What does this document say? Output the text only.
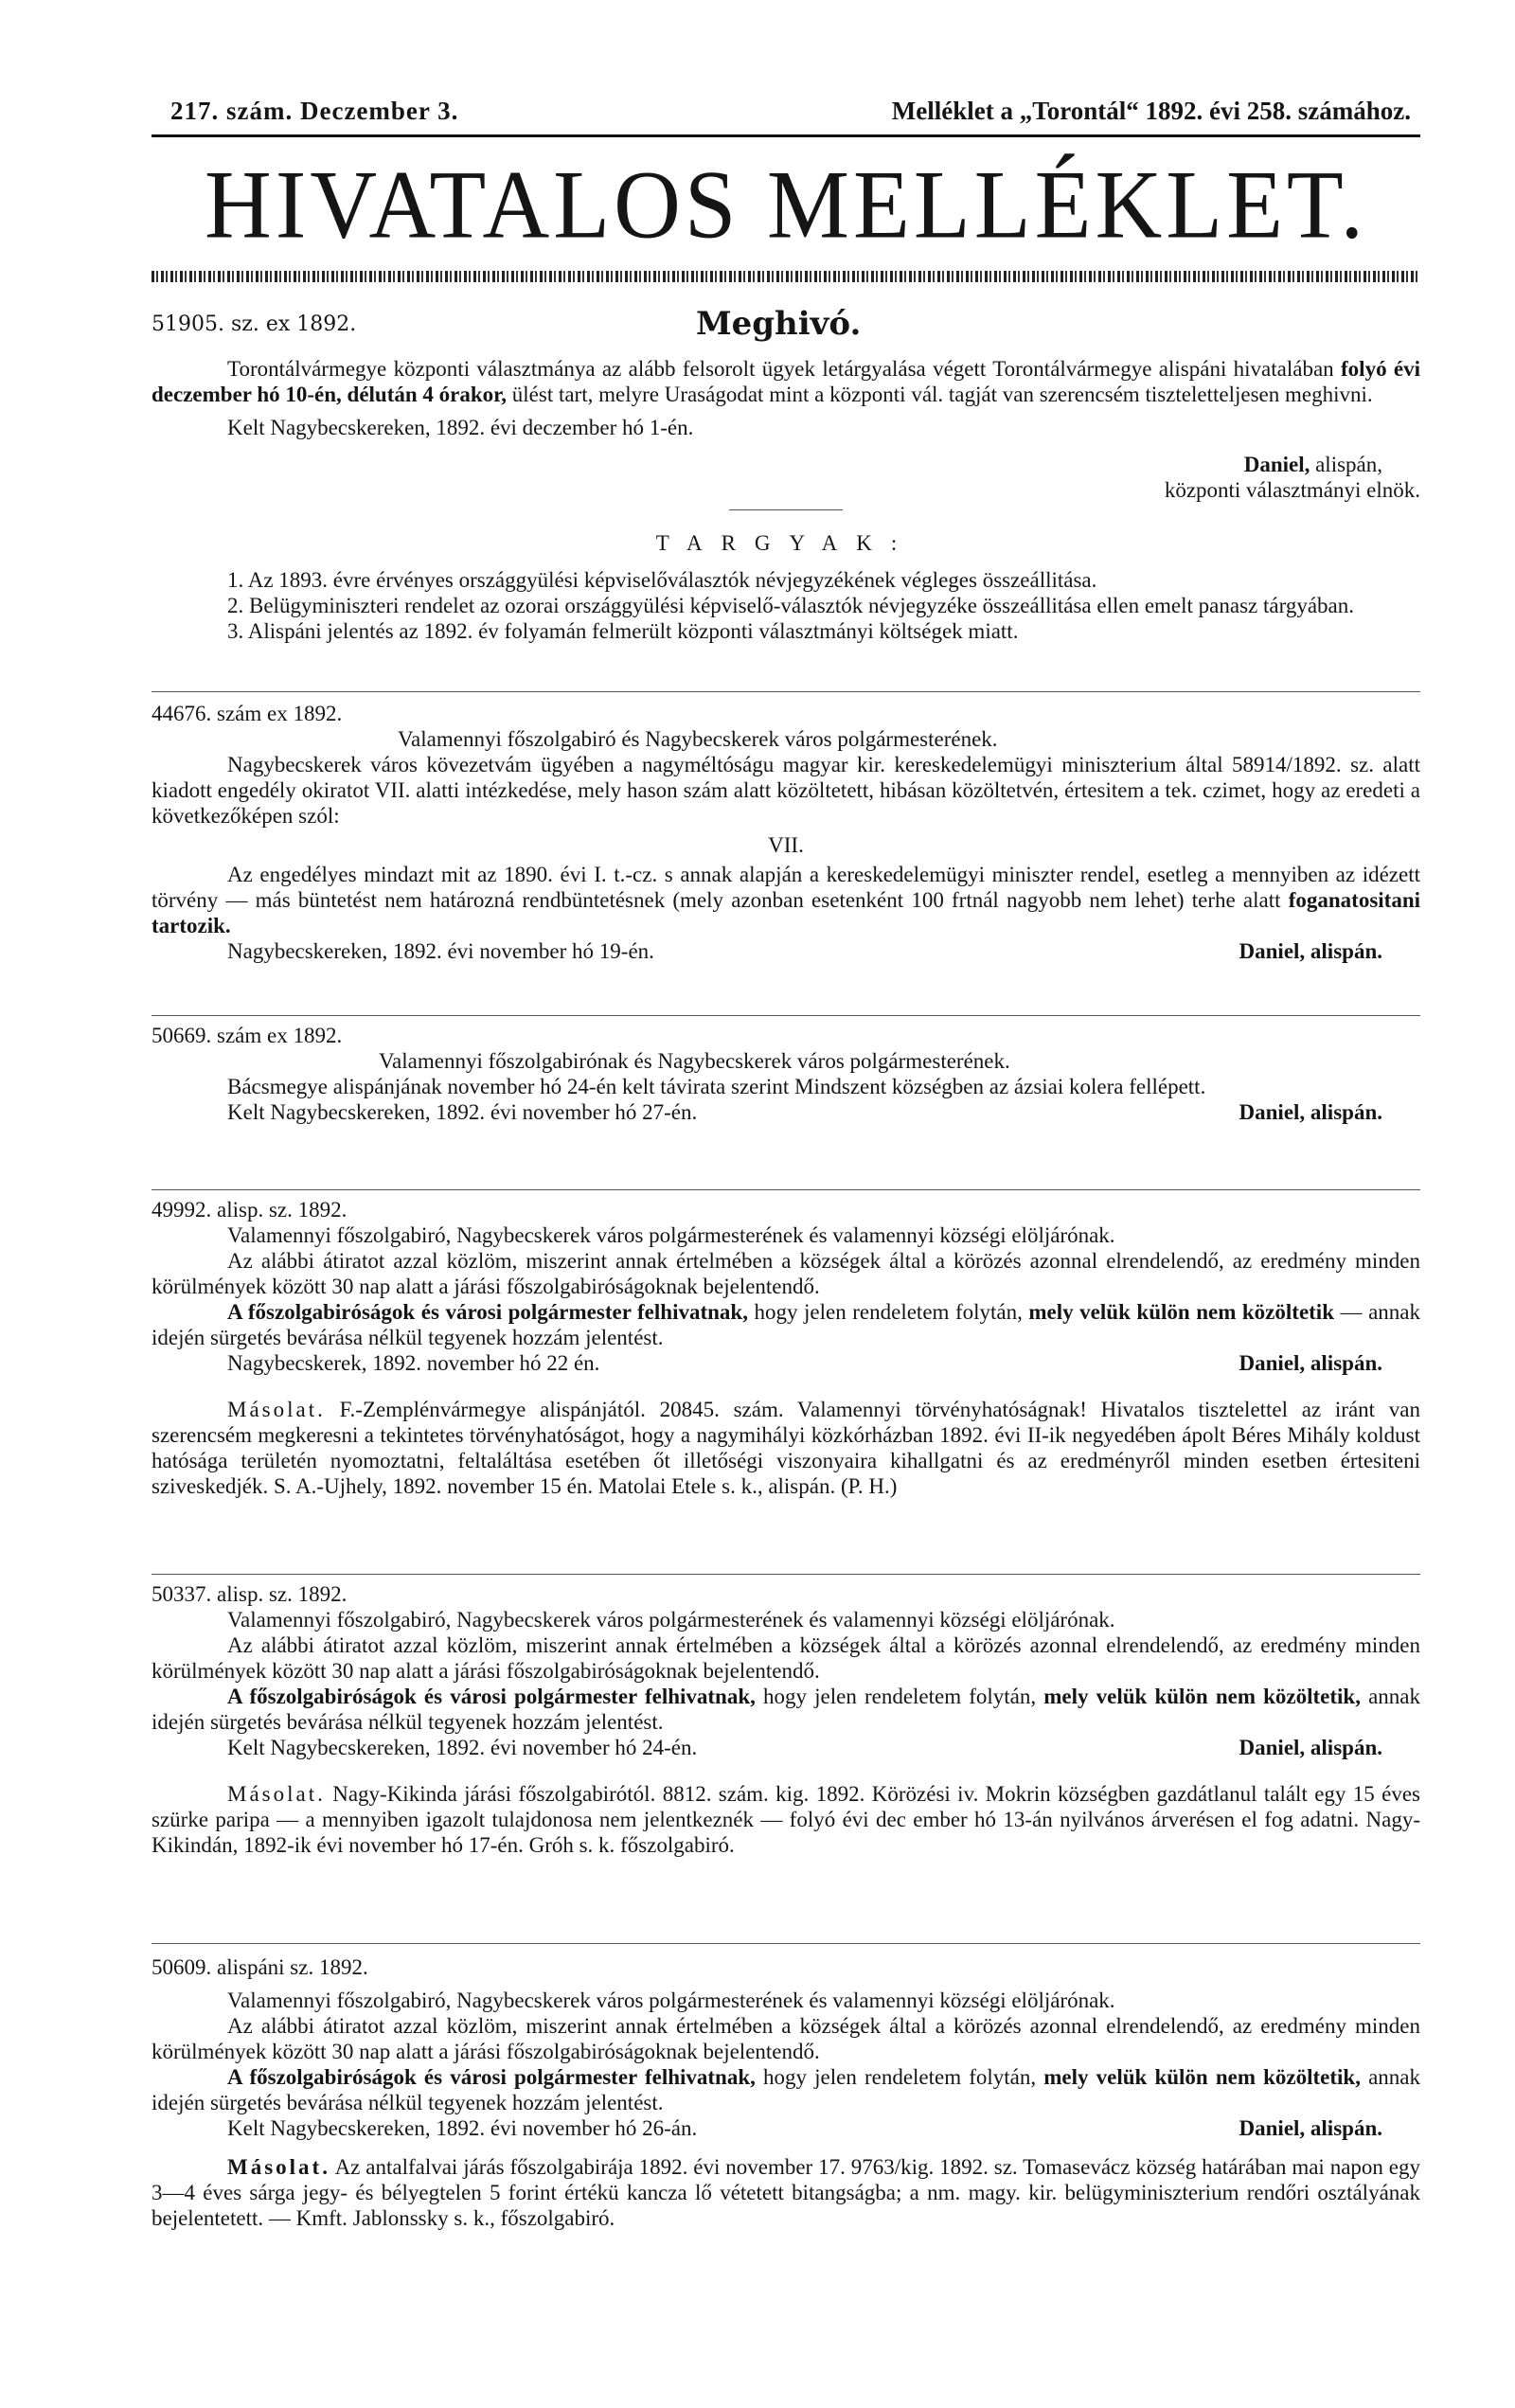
217. szám. Deczember 3.	Melléklet a „Torontál“ 1892. évi 258. számához.
HIVATALOS MELLÉKLET.
51905. sz. ex 1892.	Meghivó.

Torontálvármegye központi választmánya az alább felsorolt ügyek letárgyalása végett Torontálvármegye alispáni hivatalában folyó évi deczember hó 10-én, délután 4 órakor, ülést tart, melyre Uraságodat mint a központi vál. tagját van szerencsém tiszteletteljesen meghivni.

Kelt Nagybecskereken, 1892. évi deczember hó 1-én.

Daniel, alispán,
központi választmányi elnök.
TARGYAK:

1. Az 1893. évre érvényes országgyülési képviselőválasztók névjegyzékének végleges összeállitása.

2. Belügyminiszteri rendelet az ozorai országgyülési képviselő-választók névjegyzéke összeállitása ellen emelt panasz tárgyában.

3. Alispáni jelentés az 1892. év folyamán felmerült központi választmányi költségek miatt.

44676. szám ex 1892.

Valamennyi főszolgabiró és Nagybecskerek város polgármesterének.

Nagybecskerek város kövezetvám ügyében a nagyméltóságu magyar kir. kereskedelemügyi miniszterium által 58914/1892. sz. alatt kiadott engedély okiratot VII. alatti intézkedése, mely hason szám alatt közöltetett, hibásan közöltetvén, értesitem a tek. czimet, hogy az eredeti a következőképen szól:

VII.

Az engedélyes mindazt mit az 1890. évi I. t.-cz. s annak alapján a kereskedelemügyi miniszter rendel, esetleg a mennyiben az idézett törvény — más büntetést nem határozná rendbüntetésnek (mely azonban esetenként 100 frtnál nagyobb nem lehet) terhe alatt foganatositani tartozik.

Nagybecskereken, 1892. évi november hó 19-én.	Daniel, alispán.
50669. szám ex 1892.

Valamennyi főszolgabirónak és Nagybecskerek város polgármesterének.

Bácsmegye alispánjának november hó 24-én kelt távirata szerint Mindszent községben az ázsiai kolera fellépett.

Kelt Nagybecskereken, 1892. évi november hó 27-én.	Daniel, alispán.
49992. alisp. sz. 1892.

Valamennyi főszolgabiró, Nagybecskerek város polgármesterének és valamennyi községi elöljárónak.

Az alábbi átiratot azzal közlöm, miszerint annak értelmében a községek által a körözés azonnal elrendelendő, az eredmény minden körülmények között 30 nap alatt a járási főszolgabiróságoknak bejelentendő.

A főszolgabiróságok és városi polgármester felhivatnak, hogy jelen rendeletem folytán, mely velük külön nem közöltetik — annak idején sürgetés bevárása nélkül tegyenek hozzám jelentést.

Nagybecskerek, 1892. november hó 22 én.	Daniel, alispán.

Másolat. F.-Zemplénvármegye alispánjától. 20845. szám. Valamennyi törvényhatóságnak! Hivatalos tisztelettel az iránt van szerencsém megkeresni a tekintetes törvényhatóságot, hogy a nagymihályi közkórházban 1892. évi II-ik negyedében ápolt Béres Mihály koldust hatósága területén nyomoztatni, feltaláltása esetében őt illetőségi viszonyaira kihallgatni és az eredményről minden esetben értesiteni sziveskedjék. S. A.-Ujhely, 1892. november 15 én. Matolai Etele s. k., alispán. (P. H.)

50337. alisp. sz. 1892.

Valamennyi főszolgabiró, Nagybecskerek város polgármesterének és valamennyi községi elöljárónak.

Az alábbi átiratot azzal közlöm, miszerint annak értelmében a községek által a körözés azonnal elrendelendő, az eredmény minden körülmények között 30 nap alatt a járási főszolgabiróságoknak bejelentendő.

A főszolgabiróságok és városi polgármester felhivatnak, hogy jelen rendeletem folytán, mely velük külön nem közöltetik, annak idején sürgetés bevárása nélkül tegyenek hozzám jelentést.

Kelt Nagybecskereken, 1892. évi november hó 24-én.	Daniel, alispán.

Másolat. Nagy-Kikinda járási főszolgabirótól. 8812. szám. kig. 1892. Körözési iv. Mokrin községben gazdátlanul talált egy 15 éves szürke paripa — a mennyiben igazolt tulajdonosa nem jelentkeznék — folyó évi dec ember hó 13-án nyilvános árverésen el fog adatni. Nagy-Kikindán, 1892-ik évi november hó 17-én. Gróh s. k. főszolgabiró.

50609. alispáni sz. 1892.

Valamennyi főszolgabiró, Nagybecskerek város polgármesterének és valamennyi községi elöljárónak.

Az alábbi átiratot azzal közlöm, miszerint annak értelmében a községek által a körözés azonnal elrendelendő, az eredmény minden körülmények között 30 nap alatt a járási főszolgabiróságoknak bejelentendő.

A főszolgabiróságok és városi polgármester felhivatnak, hogy jelen rendeletem folytán, mely velük külön nem közöltetik, annak idején sürgetés bevárása nélkül tegyenek hozzám jelentést.

Kelt Nagybecskereken, 1892. évi november hó 26-án.	Daniel, alispán.

Másolat. Az antalfalvai járás főszolgabirája 1892. évi november 17. 9763/kig. 1892. sz. Tomasevácz község határában mai napon egy 3—4 éves sárga jegy- és bélyegtelen 5 forint értékü kancza lő vétetett bitangságba; a nm. magy. kir. belügyminiszterium rendőri osztályának bejelentetett. — Kmft. Jablonssky s. k., főszolgabiró.
